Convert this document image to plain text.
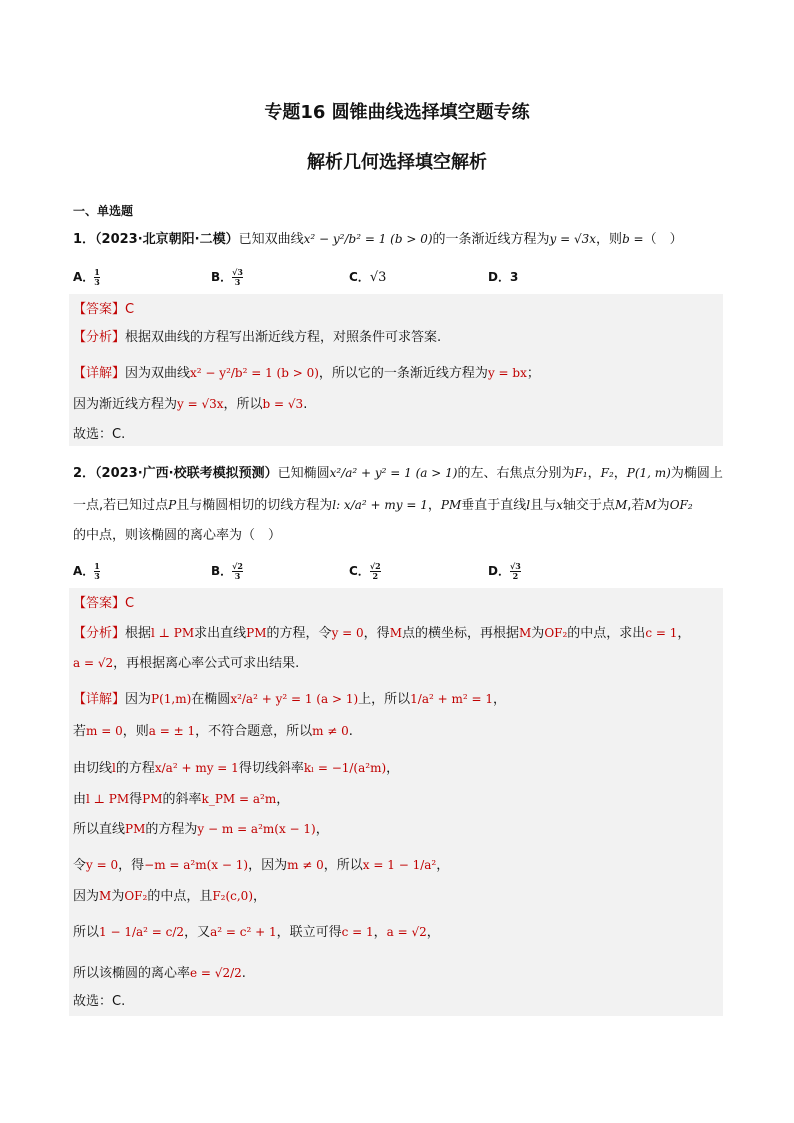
专题16 圆锥曲线选择填空题专练
解析几何选择填空解析
一、单选题
1．（2023·北京朝阳·二模）已知双曲线x² − y²/b² = 1 (b > 0)的一条渐近线方程为y = √3x，则b =（　）
A． $\frac{1}{3}$	B． $\frac{√3}{3}$	C．√3	D．3
【答案】C
【分析】根据双曲线的方程写出渐近线方程，对照条件可求答案.
【详解】因为双曲线x² − y²/b² = 1 (b > 0)，所以它的一条渐近线方程为y = bx；
因为渐近线方程为y = √3x，所以b = √3.
故选：C.
2．（2023·广西·校联考模拟预测）已知椭圆x²/a² + y² = 1 (a > 1)的左、右焦点分别为F₁，F₂，P(1, m)为椭圆上
一点,若已知过点P且与椭圆相切的切线方程为l: x/a² + my = 1，PM垂直于直线l且与x轴交于点M,若M为OF₂
的中点，则该椭圆的离心率为（　）
A． $\frac{1}{3}$	B． $\frac{√2}{3}$	C． $\frac{√2}{2}$	D． $\frac{√3}{2}$
【答案】C
【分析】根据l ⊥ PM求出直线PM的方程，令y = 0，得M点的横坐标，再根据M为OF₂的中点，求出c = 1，
a = √2，再根据离心率公式可求出结果.
【详解】因为P(1,m)在椭圆x²/a² + y² = 1 (a > 1)上，所以1/a² + m² = 1，
若m = 0，则a = ± 1，不符合题意，所以m ≠ 0.
由切线l的方程x/a² + my = 1得切线斜率kₗ = −1/(a²m)，
由l ⊥ PM得PM的斜率k_PM = a²m，
所以直线PM的方程为y − m = a²m(x − 1)，
令y = 0，得−m = a²m(x − 1)，因为m ≠ 0，所以x = 1 − 1/a²，
因为M为OF₂的中点，且F₂(c,0)，
所以1 − 1/a² = c/2，又a² = c² + 1，联立可得c = 1，a = √2，
所以该椭圆的离心率e = √2/2.
故选：C.
